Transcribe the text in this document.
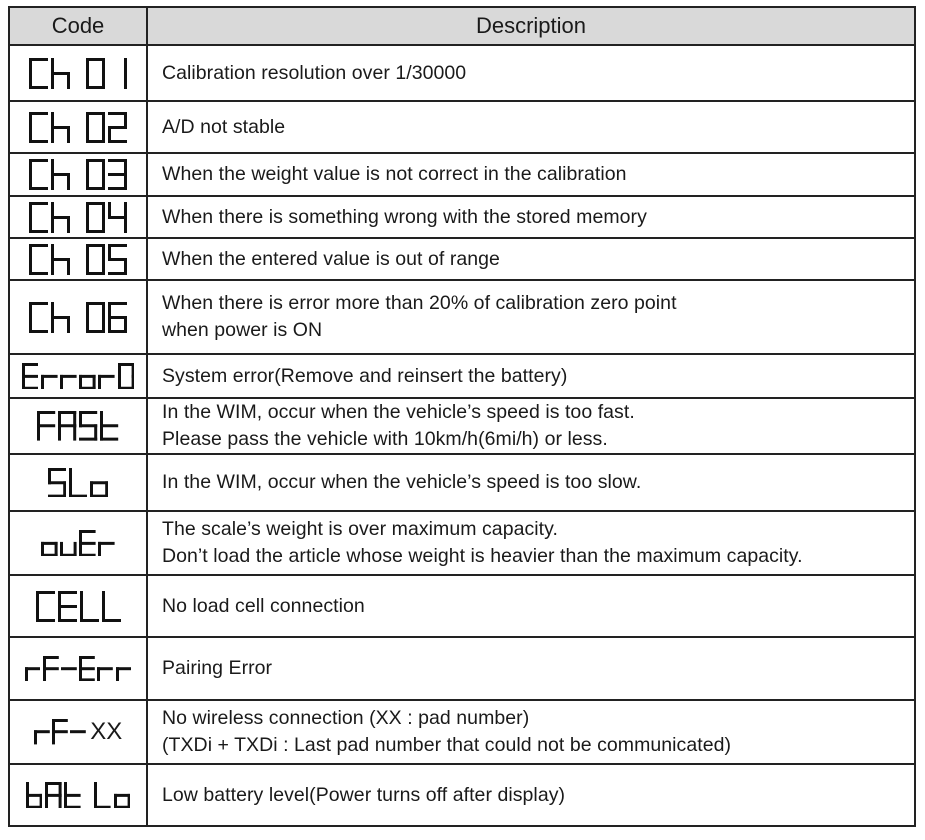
Code	Description

Calibration resolution over 1/30000

A/D not stable

When the weight value is not correct in the calibration

When there is something wrong with the stored memory

When the entered value is out of range

When there is error more than 20% of calibration zero point
when power is ON

System error(Remove and reinsert the battery)

In the WIM, occur when the vehicle’s speed is too fast.
Please pass the vehicle with 10km/h(6mi/h) or less.

In the WIM, occur when the vehicle’s speed is too slow.

The scale’s weight is over maximum capacity.
Don’t load the article whose weight is heavier than the maximum capacity.

No load cell connection

Pairing Error

XX	No wireless connection (XX : pad number)
(TXDi + TXDi : Last pad number that could not be communicated)

Low battery level(Power turns off after display)
